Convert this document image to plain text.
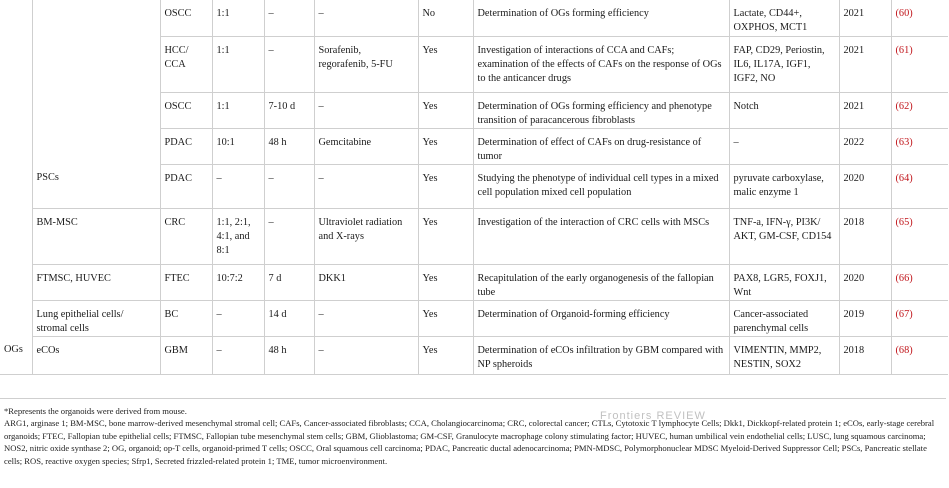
		OSCC	1:1	–	–	No	Determination of OGs forming efficiency	Lactate, CD44+, OXPHOS, MCT1	2021	(60)
		HCC/ CCA	1:1	–	Sorafenib, regorafenib, 5-FU	Yes	Investigation of interactions of CCA and CAFs; examination of the effects of CAFs on the response of OGs to the anticancer drugs	FAP, CD29, Periostin, IL6, IL17A, IGF1, IGF2, NO	2021	(61)
		OSCC	1:1	7-10 d	–	Yes	Determination of OGs forming efficiency and phenotype transition of paracancerous fibroblasts	Notch	2021	(62)
		PDAC	10:1	48 h	Gemcitabine	Yes	Determination of effect of CAFs on drug-resistance of tumor	–	2022	(63)
	PSCs	PDAC	–	–	–	Yes	Studying the phenotype of individual cell types in a mixed cell population mixed cell population	pyruvate carboxylase, malic enzyme 1	2020	(64)
	BM-MSC	CRC	1:1, 2:1, 4:1, and 8:1	–	Ultraviolet radiation and X-rays	Yes	Investigation of the interaction of CRC cells with MSCs	TNF-a, IFN-γ, PI3K/ AKT, GM-CSF, CD154	2018	(65)
	FTMSC, HUVEC	FTEC	10:7:2	7 d	DKK1	Yes	Recapitulation of the early organogenesis of the fallopian tube	PAX8, LGR5, FOXJ1, Wnt	2020	(66)
	Lung epithelial cells/ stromal cells	BC	–	14 d	–	Yes	Determination of Organoid-forming efficiency	Cancer-associated parenchymal cells	2019	(67)
OGs	eCOs	GBM	–	48 h	–	Yes	Determination of eCOs infiltration by GBM compared with NP spheroids	VIMENTIN, MMP2, NESTIN, SOX2	2018	(68)

*Represents the organoids were derived from mouse.

ARG1, arginase 1; BM-MSC, bone marrow-derived mesenchymal stromal cell; CAFs, Cancer-associated fibroblasts; CCA, Cholangiocarcinoma; CRC, colorectal cancer; CTLs, Cytotoxic T lymphocyte Cells; Dkk1, Dickkopf-related protein 1; eCOs, early-stage cerebral organoids; FTEC, Fallopian tube epithelial cells; FTMSC, Fallopian tube mesenchymal stem cells; GBM, Glioblastoma; GM-CSF, Granulocyte macrophage colony stimulating factor; HUVEC, human umbilical vein endothelial cells; LUSC, lung squamous carcinoma; NOS2, nitric oxide synthase 2; OG, organoid; op-T cells, organoid-primed T cells; OSCC, Oral squamous cell carcinoma; PDAC, Pancreatic ductal adenocarcinoma; PMN-MDSC, Polymorphonuclear MDSC Myeloid-Derived Suppressor Cell; PSCs, Pancreatic stellate cells; ROS, reactive oxygen species; Sfrp1, Secreted frizzled-related protein 1; TME, tumor microenvironment.

Frontiers REVIEW
